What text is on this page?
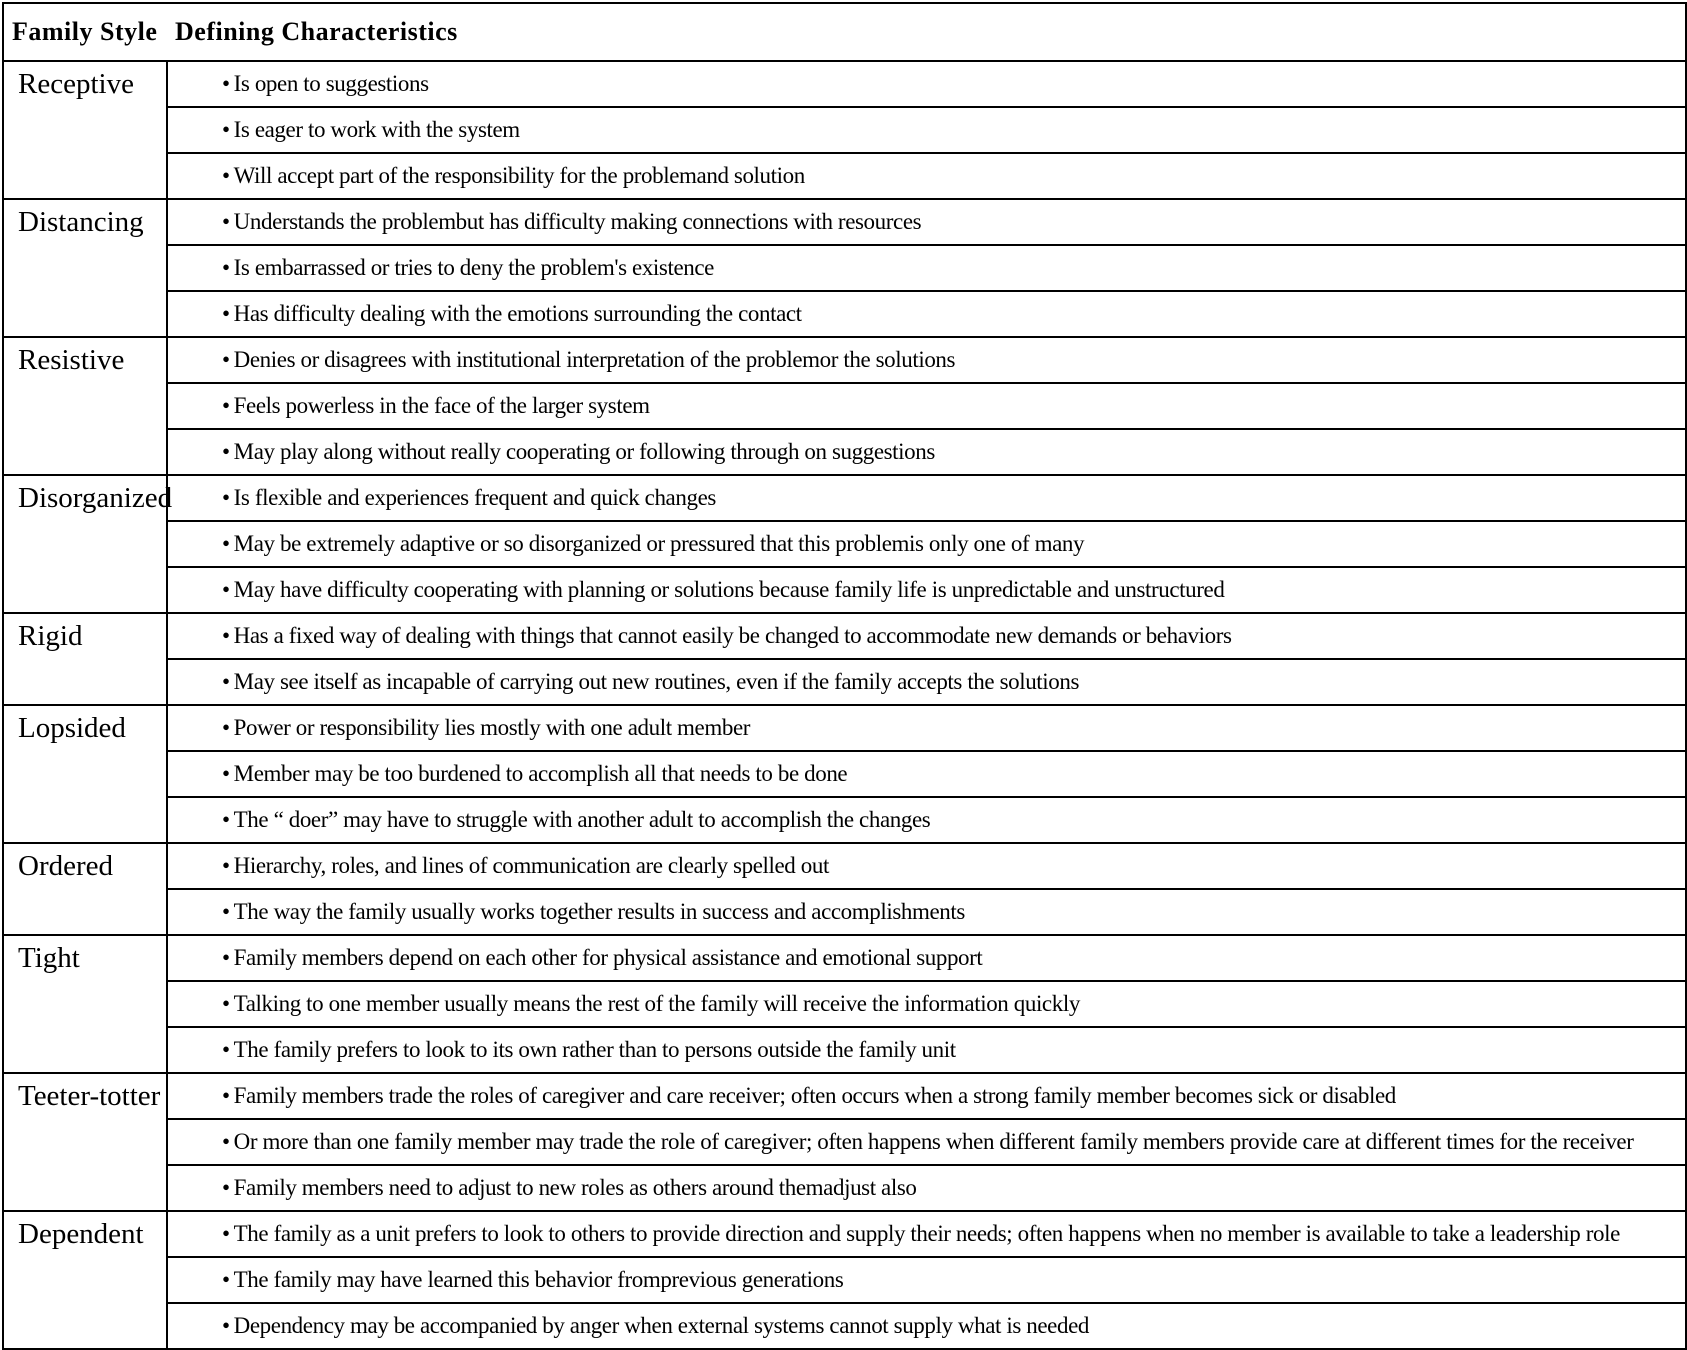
Family Style	Defining Characteristics
Receptive	• Is open to suggestions
	• Is eager to work with the system
	• Will accept part of the responsibility for the problemand solution
Distancing	• Understands the problembut has difficulty making connections with resources
	• Is embarrassed or tries to deny the problem's existence
	• Has difficulty dealing with the emotions surrounding the contact
Resistive	• Denies or disagrees with institutional interpretation of the problemor the solutions
	• Feels powerless in the face of the larger system
	• May play along without really cooperating or following through on suggestions
Disorganized	• Is flexible and experiences frequent and quick changes
	• May be extremely adaptive or so disorganized or pressured that this problemis only one of many
	• May have difficulty cooperating with planning or solutions because family life is unpredictable and unstructured
Rigid	• Has a fixed way of dealing with things that cannot easily be changed to accommodate new demands or behaviors
	• May see itself as incapable of carrying out new routines, even if the family accepts the solutions
Lopsided	• Power or responsibility lies mostly with one adult member
	• Member may be too burdened to accomplish all that needs to be done
	• The “ doer” may have to struggle with another adult to accomplish the changes
Ordered	• Hierarchy, roles, and lines of communication are clearly spelled out
	• The way the family usually works together results in success and accomplishments
Tight	• Family members depend on each other for physical assistance and emotional support
	• Talking to one member usually means the rest of the family will receive the information quickly
	• The family prefers to look to its own rather than to persons outside the family unit
Teeter-totter	• Family members trade the roles of caregiver and care receiver; often occurs when a strong family member becomes sick or disabled
	• Or more than one family member may trade the role of caregiver; often happens when different family members provide care at different times for the receiver
	• Family members need to adjust to new roles as others around themadjust also
Dependent	• The family as a unit prefers to look to others to provide direction and supply their needs; often happens when no member is available to take a leadership role
	• The family may have learned this behavior fromprevious generations
	• Dependency may be accompanied by anger when external systems cannot supply what is needed
